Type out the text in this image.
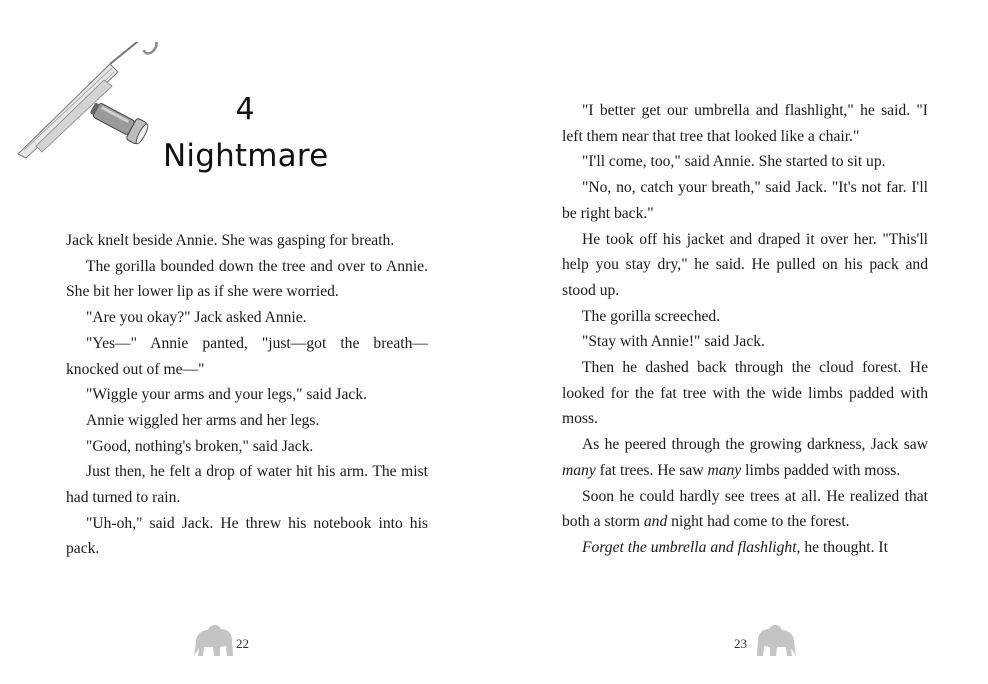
4
Nightmare

Jack knelt beside Annie. She was gasping for breath.

The gorilla bounded down the tree and over to Annie. She bit her lower lip as if she were worried.

"Are you okay?" Jack asked Annie.

"Yes—" Annie panted, "just—got the breath—knocked out of me—"

"Wiggle your arms and your legs," said Jack.

Annie wiggled her arms and her legs.

"Good, nothing's broken," said Jack.

Just then, he felt a drop of water hit his arm. The mist had turned to rain.

"Uh-oh," said Jack. He threw his notebook into his pack.

22

"I better get our umbrella and flashlight," he said. "I left them near that tree that looked like a chair."

"I'll come, too," said Annie. She started to sit up.

"No, no, catch your breath," said Jack. "It's not far. I'll be right back."

He took off his jacket and draped it over her. "This'll help you stay dry," he said. He pulled on his pack and stood up.

The gorilla screeched.

"Stay with Annie!" said Jack.

Then he dashed back through the cloud forest. He looked for the fat tree with the wide limbs padded with moss.

As he peered through the growing darkness, Jack saw many fat trees. He saw many limbs padded with moss.

Soon he could hardly see trees at all. He realized that both a storm and night had come to the forest.

Forget the umbrella and flashlight, he thought. It

23
